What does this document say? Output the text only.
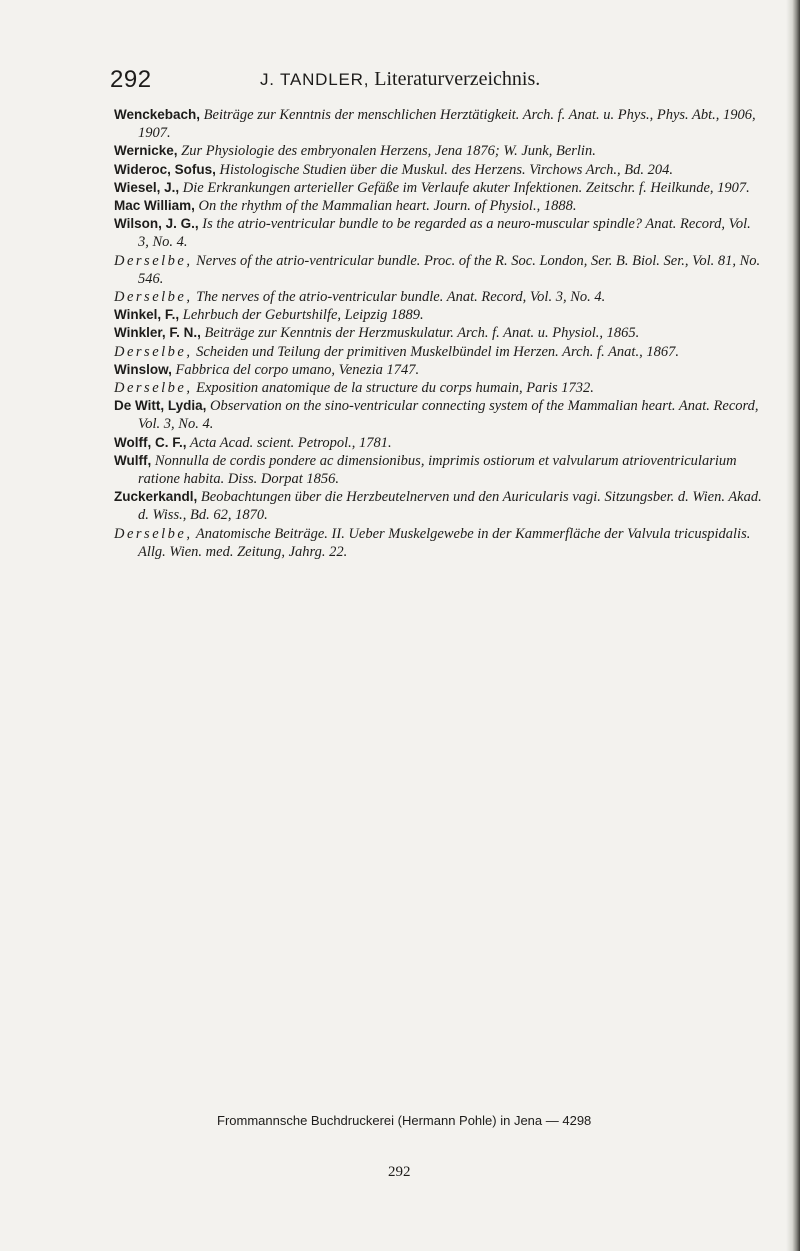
292	J. TANDLER, Literaturverzeichnis.

Wenckebach, Beiträge zur Kenntnis der menschlichen Herztätigkeit. Arch. f. Anat. u. Phys., Phys. Abt., 1906, 1907.

Wernicke, Zur Physiologie des embryonalen Herzens, Jena 1876; W. Junk, Berlin.

Wideroc, Sofus, Histologische Studien über die Muskul. des Herzens. Virchows Arch., Bd. 204.

Wiesel, J., Die Erkrankungen arterieller Gefäße im Verlaufe akuter Infektionen. Zeitschr. f. Heilkunde, 1907.

Mac William, On the rhythm of the Mammalian heart. Journ. of Physiol., 1888.

Wilson, J. G., Is the atrio-ventricular bundle to be regarded as a neuro-muscular spindle? Anat. Record, Vol. 3, No. 4.

Derselbe, Nerves of the atrio-ventricular bundle. Proc. of the R. Soc. London, Ser. B. Biol. Ser., Vol. 81, No. 546.

Derselbe, The nerves of the atrio-ventricular bundle. Anat. Record, Vol. 3, No. 4.

Winkel, F., Lehrbuch der Geburtshilfe, Leipzig 1889.

Winkler, F. N., Beiträge zur Kenntnis der Herzmuskulatur. Arch. f. Anat. u. Physiol., 1865.

Derselbe, Scheiden und Teilung der primitiven Muskelbündel im Herzen. Arch. f. Anat., 1867.

Winslow, Fabbrica del corpo umano, Venezia 1747.

Derselbe, Exposition anatomique de la structure du corps humain, Paris 1732.

De Witt, Lydia, Observation on the sino-ventricular connecting system of the Mammalian heart. Anat. Record, Vol. 3, No. 4.

Wolff, C. F., Acta Acad. scient. Petropol., 1781.

Wulff, Nonnulla de cordis pondere ac dimensionibus, imprimis ostiorum et valvularum atrioventricularium ratione habita. Diss. Dorpat 1856.

Zuckerkandl, Beobachtungen über die Herzbeutelnerven und den Auricularis vagi. Sitzungsber. d. Wien. Akad. d. Wiss., Bd. 62, 1870.

Derselbe, Anatomische Beiträge. II. Ueber Muskelgewebe in der Kammerfläche der Valvula tricuspidalis. Allg. Wien. med. Zeitung, Jahrg. 22.

Frommannsche Buchdruckerei (Hermann Pohle) in Jena — 4298
292
